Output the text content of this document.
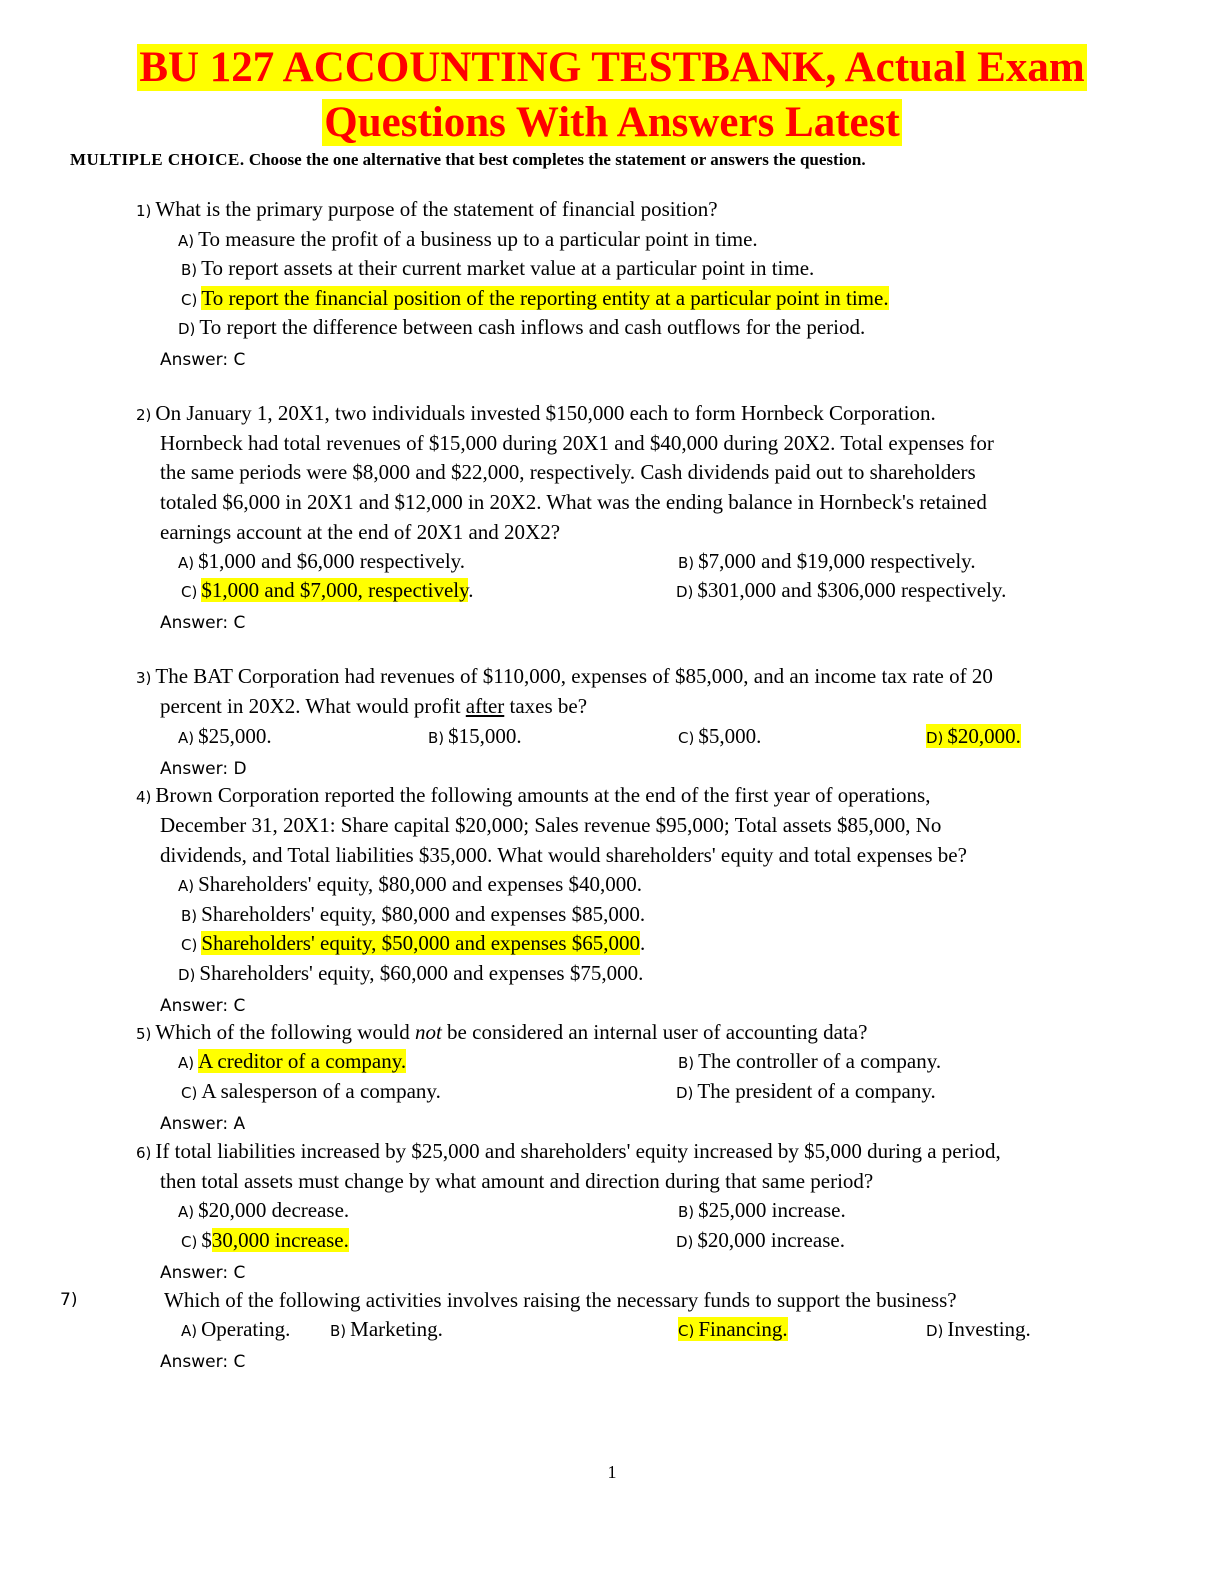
BU 127 ACCOUNTING TESTBANK, Actual Exam
Questions With Answers Latest
MULTIPLE CHOICE. Choose the one alternative that best completes the statement or answers the question.
1) What is the primary purpose of the statement of financial position?
A) To measure the profit of a business up to a particular point in time.
B) To report assets at their current market value at a particular point in time.
C) To report the financial position of the reporting entity at a particular point in time.
D) To report the difference between cash inflows and cash outflows for the period.
Answer: C
2) On January 1, 20X1, two individuals invested $150,000 each to form Hornbeck Corporation.
Hornbeck had total revenues of $15,000 during 20X1 and $40,000 during 20X2. Total expenses for
the same periods were $8,000 and $22,000, respectively. Cash dividends paid out to shareholders
totaled $6,000 in 20X1 and $12,000 in 20X2. What was the ending balance in Hornbeck's retained
earnings account at the end of 20X1 and 20X2?
A) $1,000 and $6,000 respectively.	B) $7,000 and $19,000 respectively.
C) $1,000 and $7,000, respectively.	D) $301,000 and $306,000 respectively.
Answer: C
3) The BAT Corporation had revenues of $110,000, expenses of $85,000, and an income tax rate of 20
percent in 20X2. What would profit after taxes be?
A) $25,000.	B) $15,000.	C) $5,000.	D) $20,000.
Answer: D
4) Brown Corporation reported the following amounts at the end of the first year of operations,
December 31, 20X1: Share capital $20,000; Sales revenue $95,000; Total assets $85,000, No
dividends, and Total liabilities $35,000. What would shareholders' equity and total expenses be?
A) Shareholders' equity, $80,000 and expenses $40,000.
B) Shareholders' equity, $80,000 and expenses $85,000.
C) Shareholders' equity, $50,000 and expenses $65,000.
D) Shareholders' equity, $60,000 and expenses $75,000.
Answer: C
5) Which of the following would not be considered an internal user of accounting data?
A) A creditor of a company.	B) The controller of a company.
C) A salesperson of a company.	D) The president of a company.
Answer: A
6) If total liabilities increased by $25,000 and shareholders' equity increased by $5,000 during a period,
then total assets must change by what amount and direction during that same period?
A) $20,000 decrease.	B) $25,000 increase.
C) $30,000 increase.	D) $20,000 increase.
Answer: C
7)	Which of the following activities involves raising the necessary funds to support the business?
A) Operating.	B) Marketing.	C) Financing.	D) Investing.
Answer: C
1
